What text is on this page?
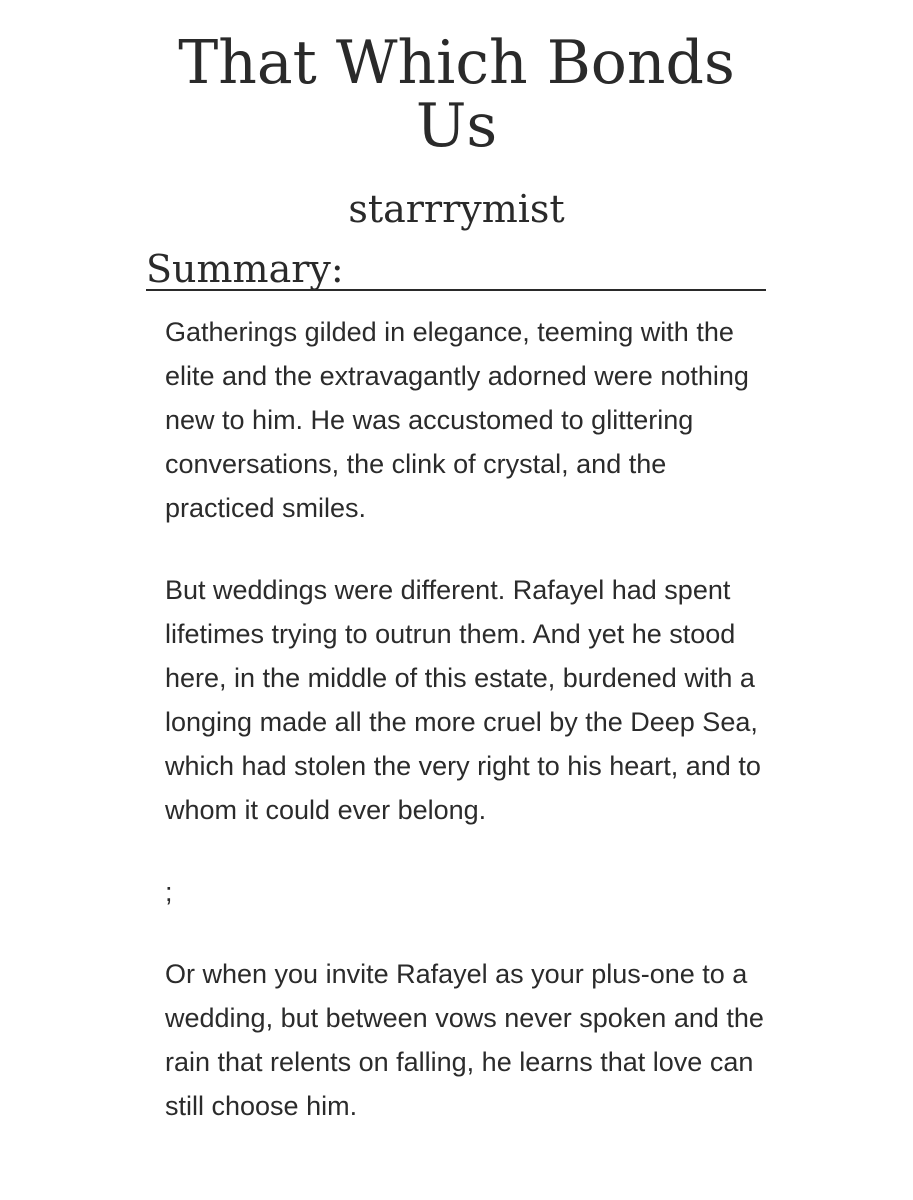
That Which Bonds Us
starrrymist
Summary:

Gatherings gilded in elegance, teeming with the elite and the extravagantly adorned were nothing new to him. He was accustomed to glittering conversations, the clink of crystal, and the practiced smiles.

But weddings were different. Rafayel had spent lifetimes trying to outrun them. And yet he stood here, in the middle of this estate, burdened with a longing made all the more cruel by the Deep Sea, which had stolen the very right to his heart, and to whom it could ever belong.

;

Or when you invite Rafayel as your plus-one to a wedding, but between vows never spoken and the rain that relents on falling, he learns that love can still choose him.
